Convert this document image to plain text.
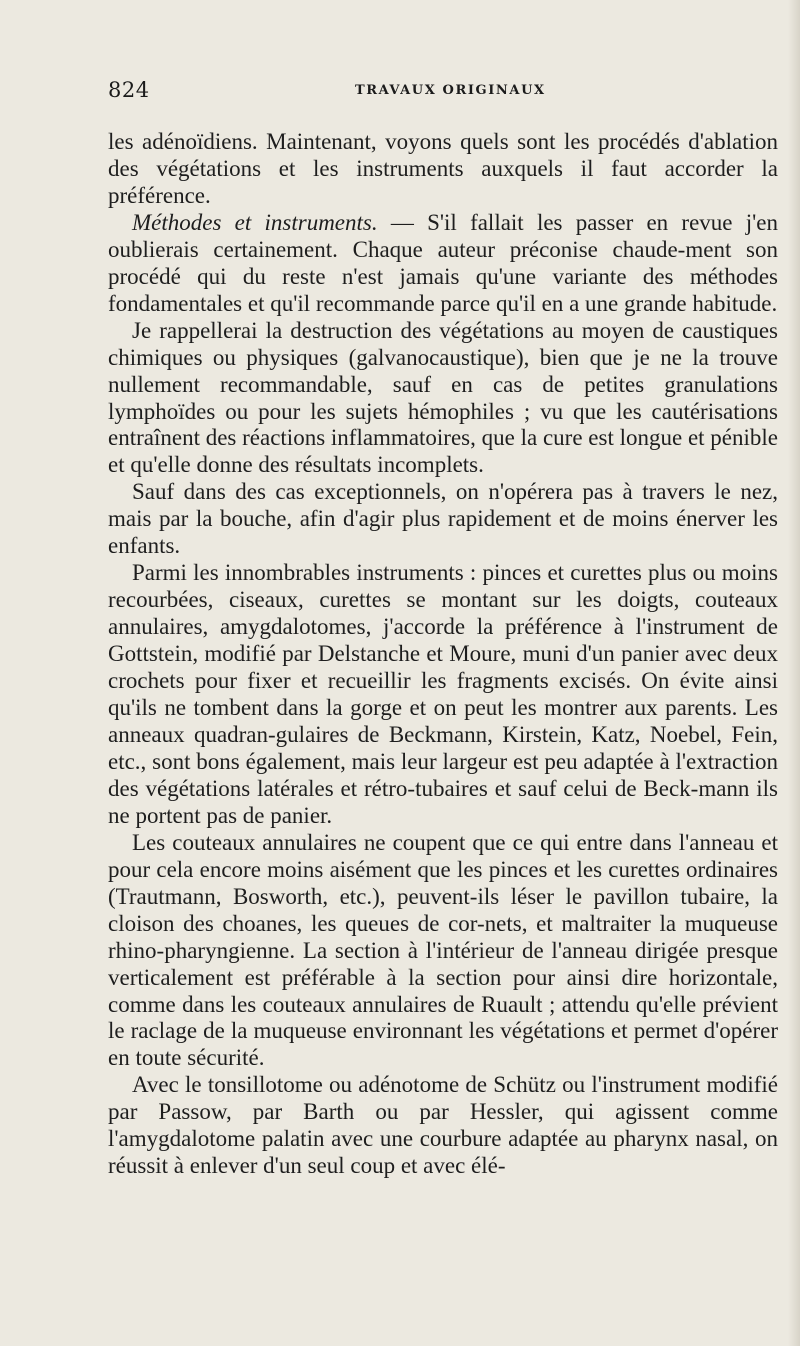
824	TRAVAUX ORIGINAUX

les adénoïdiens. Maintenant, voyons quels sont les procédés d'ablation des végétations et les instruments auxquels il faut accorder la préférence.

Méthodes et instruments. — S'il fallait les passer en revue j'en oublierais certainement. Chaque auteur préconise chaude-ment son procédé qui du reste n'est jamais qu'une variante des méthodes fondamentales et qu'il recommande parce qu'il en a une grande habitude.

Je rappellerai la destruction des végétations au moyen de caustiques chimiques ou physiques (galvanocaustique), bien que je ne la trouve nullement recommandable, sauf en cas de petites granulations lymphoïdes ou pour les sujets hémophiles ; vu que les cautérisations entraînent des réactions inflammatoires, que la cure est longue et pénible et qu'elle donne des résultats incomplets.

Sauf dans des cas exceptionnels, on n'opérera pas à travers le nez, mais par la bouche, afin d'agir plus rapidement et de moins énerver les enfants.

Parmi les innombrables instruments : pinces et curettes plus ou moins recourbées, ciseaux, curettes se montant sur les doigts, couteaux annulaires, amygdalotomes, j'accorde la préférence à l'instrument de Gottstein, modifié par Delstanche et Moure, muni d'un panier avec deux crochets pour fixer et recueillir les fragments excisés. On évite ainsi qu'ils ne tombent dans la gorge et on peut les montrer aux parents. Les anneaux quadran-gulaires de Beckmann, Kirstein, Katz, Noebel, Fein, etc., sont bons également, mais leur largeur est peu adaptée à l'extraction des végétations latérales et rétro-tubaires et sauf celui de Beck-mann ils ne portent pas de panier.

Les couteaux annulaires ne coupent que ce qui entre dans l'anneau et pour cela encore moins aisément que les pinces et les curettes ordinaires (Trautmann, Bosworth, etc.), peuvent-ils léser le pavillon tubaire, la cloison des choanes, les queues de cor-nets, et maltraiter la muqueuse rhino-pharyngienne. La section à l'intérieur de l'anneau dirigée presque verticalement est préférable à la section pour ainsi dire horizontale, comme dans les couteaux annulaires de Ruault ; attendu qu'elle prévient le raclage de la muqueuse environnant les végétations et permet d'opérer en toute sécurité.

Avec le tonsillotome ou adénotome de Schütz ou l'instrument modifié par Passow, par Barth ou par Hessler, qui agissent comme l'amygdalotome palatin avec une courbure adaptée au pharynx nasal, on réussit à enlever d'un seul coup et avec élé-
